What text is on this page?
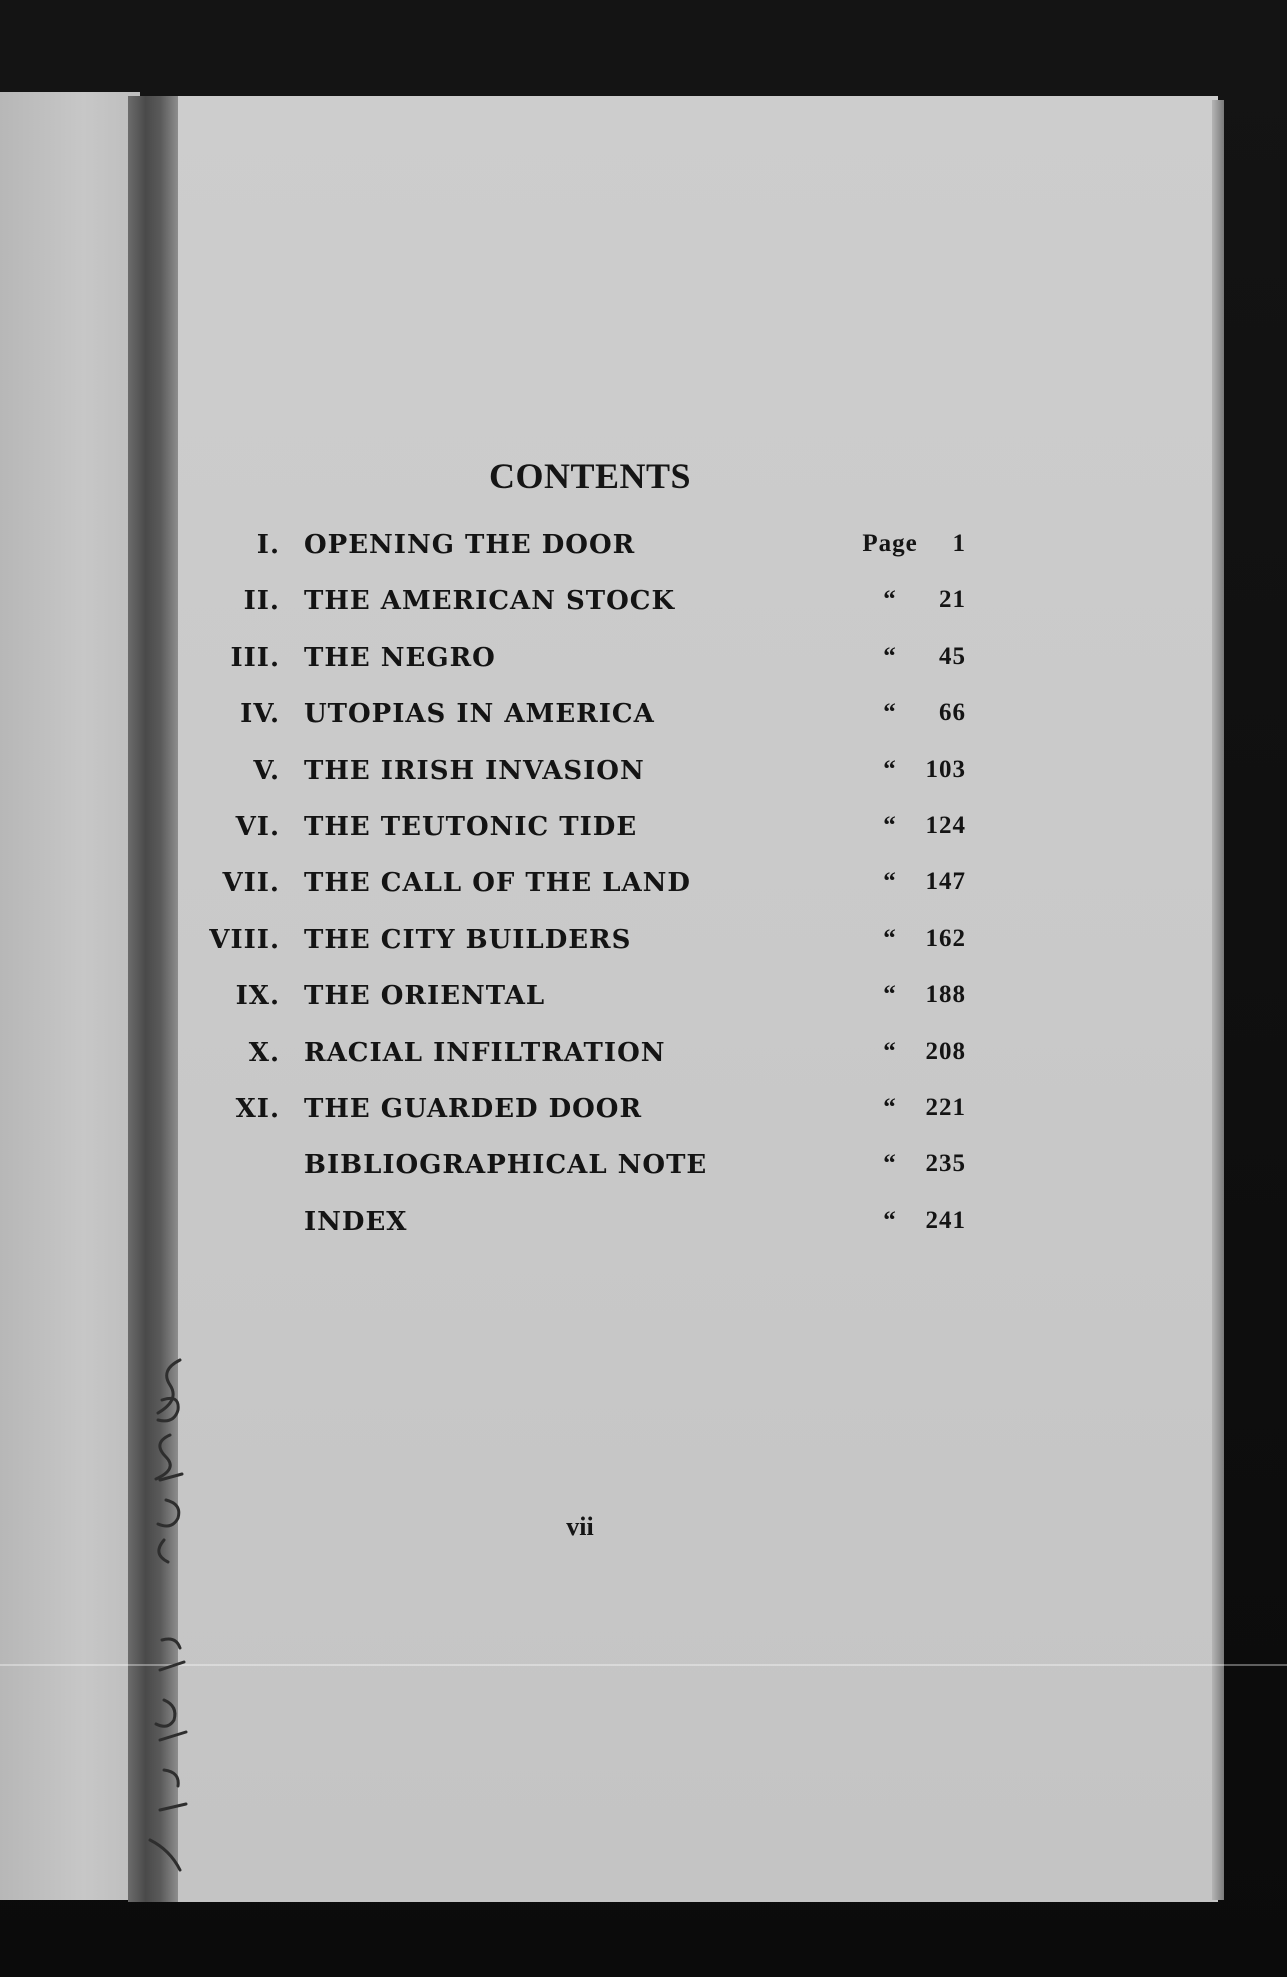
CONTENTS
I. OPENING THE DOOR	Page	1
II. THE AMERICAN STOCK	“	21
III. THE NEGRO	“	45
IV. UTOPIAS IN AMERICA	“	66
V. THE IRISH INVASION	“	103
VI. THE TEUTONIC TIDE	“	124
VII. THE CALL OF THE LAND	“	147
VIII. THE CITY BUILDERS	“	162
IX. THE ORIENTAL	“	188
X. RACIAL INFILTRATION	“	208
XI. THE GUARDED DOOR	“	221
BIBLIOGRAPHICAL NOTE	“	235
INDEX	“	241
vii
